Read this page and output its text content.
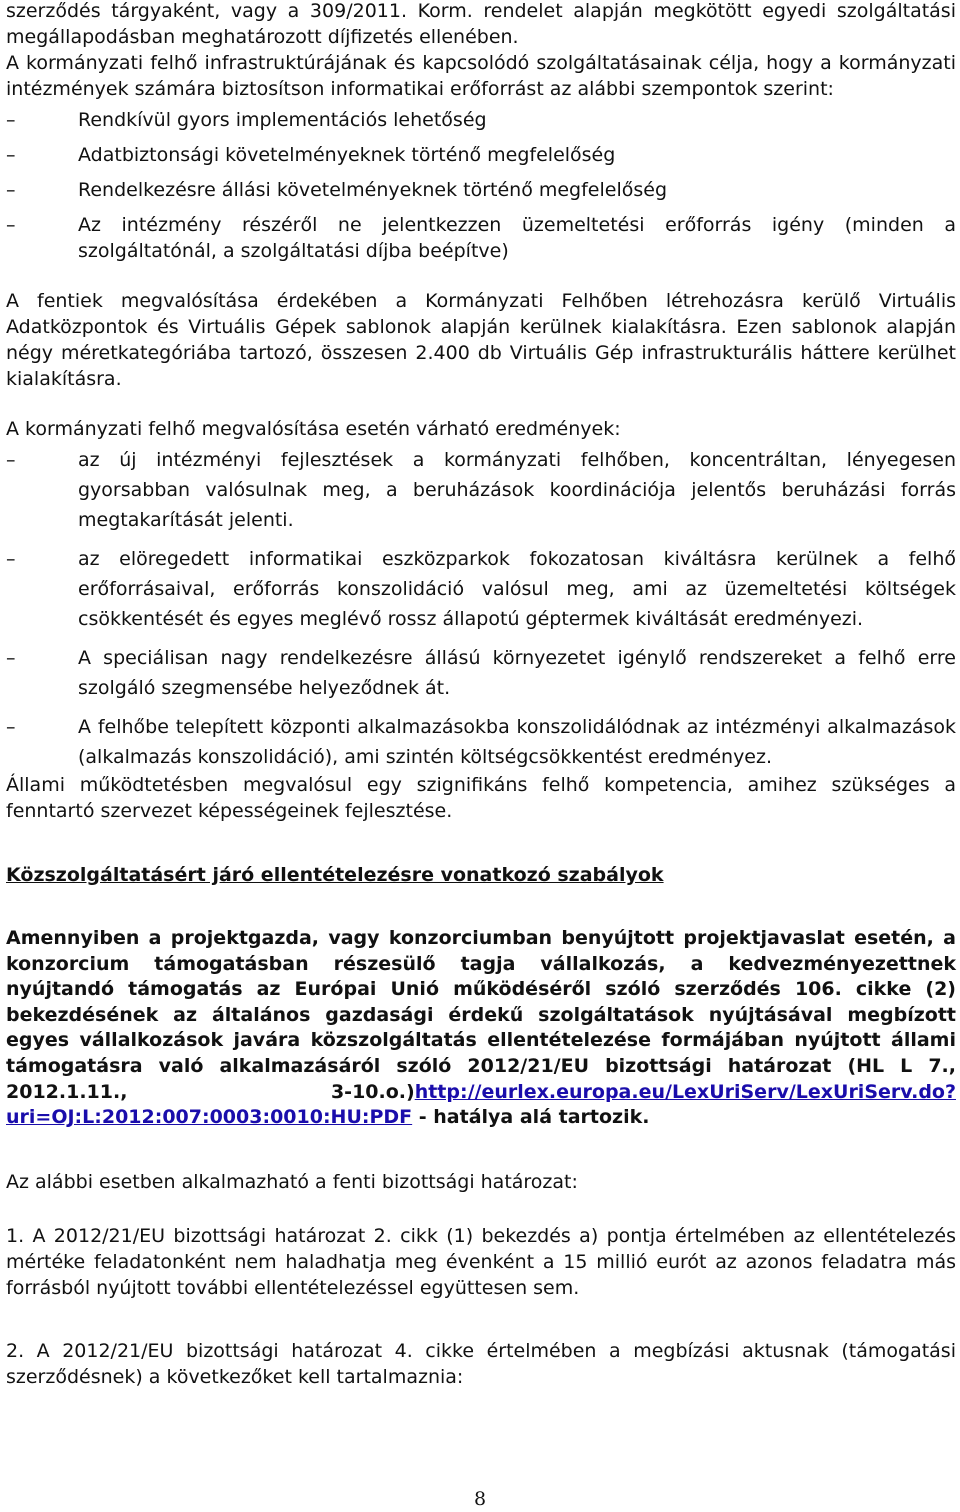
szerződés tárgyaként, vagy a 309/2011. Korm. rendelet alapján megkötött egyedi szolgáltatási megállapodásban meghatározott díjfizetés ellenében.

A kormányzati felhő infrastruktúrájának és kapcsolódó szolgáltatásainak célja, hogy a kormányzati intézmények számára biztosítson informatikai erőforrást az alábbi szempontok szerint:

–	Rendkívül gyors implementációs lehetőség
–	Adatbiztonsági követelményeknek történő megfelelőség
–	Rendelkezésre állási követelményeknek történő megfelelőség
–	Az intézmény részéről ne jelentkezzen üzemeltetési erőforrás igény (minden a szolgáltatónál, a szolgáltatási díjba beépítve)

A fentiek megvalósítása érdekében a Kormányzati Felhőben létrehozásra kerülő Virtuális Adatközpontok és Virtuális Gépek sablonok alapján kerülnek kialakításra. Ezen sablonok alapján négy méretkategóriába tartozó, összesen 2.400 db Virtuális Gép infrastrukturális háttere kerülhet kialakításra.

A kormányzati felhő megvalósítása esetén várható eredmények:

–	az új intézményi fejlesztések a kormányzati felhőben, koncentráltan, lényegesen gyorsabban valósulnak meg, a beruházások koordinációja jelentős beruházási forrás megtakarítását jelenti.
–	az elöregedett informatikai eszközparkok fokozatosan kiváltásra kerülnek a felhő erőforrásaival, erőforrás konszolidáció valósul meg, ami az üzemeltetési költségek csökkentését és egyes meglévő rossz állapotú géptermek kiváltását eredményezi.
–	A speciálisan nagy rendelkezésre állású környezetet igénylő rendszereket a felhő erre szolgáló szegmensébe helyeződnek át.
–	A felhőbe telepített központi alkalmazásokba konszolidálódnak az intézményi alkalmazások (alkalmazás konszolidáció), ami szintén költségcsökkentést eredményez.

Állami működtetésben megvalósul egy szignifikáns felhő kompetencia, amihez szükséges a fenntartó szervezet képességeinek fejlesztése.

Közszolgáltatásért járó ellentételezésre vonatkozó szabályok

Amennyiben a projektgazda, vagy konzorciumban benyújtott projektjavaslat esetén, a konzorcium támogatásban részesülő tagja vállalkozás, a kedvezményezettnek nyújtandó támogatás az Európai Unió működéséről szóló szerződés 106. cikke (2) bekezdésének az általános gazdasági érdekű szolgáltatások nyújtásával megbízott egyes vállalkozások javára közszolgáltatás ellentételezése formájában nyújtott állami támogatásra való alkalmazásáról szóló 2012/21/EU bizottsági határozat (HL L 7., 2012.1.11., 3-10.o.)http://eurlex.europa.eu/LexUriServ/LexUriServ.do?uri=OJ:L:2012:007:0003:0010:HU:PDF - hatálya alá tartozik.

Az alábbi esetben alkalmazható a fenti bizottsági határozat:

1. A 2012/21/EU bizottsági határozat 2. cikk (1) bekezdés a) pontja értelmében az ellentételezés mértéke feladatonként nem haladhatja meg évenként a 15 millió eurót az azonos feladatra más forrásból nyújtott további ellentételezéssel együttesen sem.

2. A 2012/21/EU bizottsági határozat 4. cikke értelmében a megbízási aktusnak (támogatási szerződésnek) a következőket kell tartalmaznia:

8
